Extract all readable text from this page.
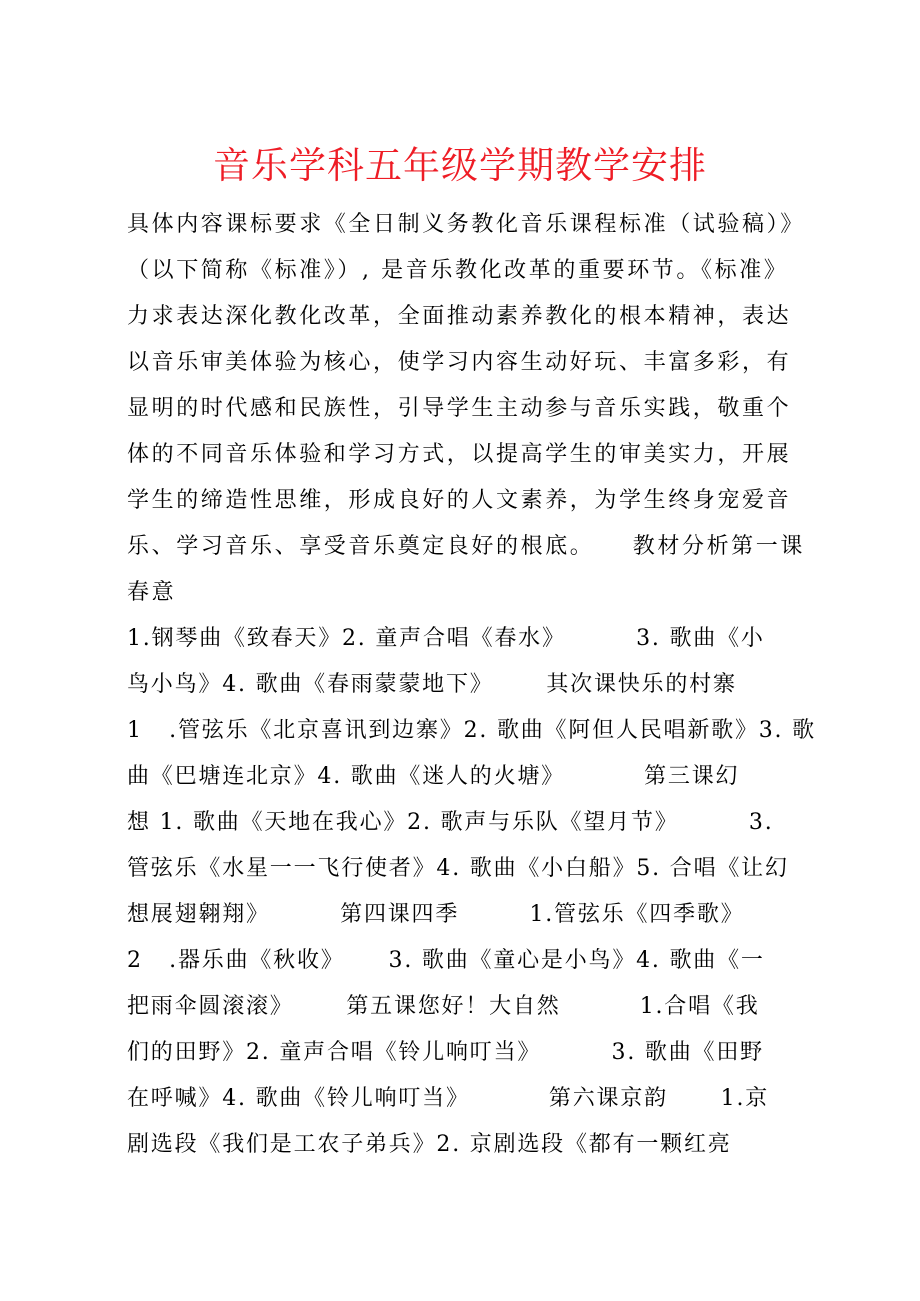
音乐学科五年级学期教学安排
具体内容课标要求《全日制义务教化音乐课程标准（试验稿）》
（以下简称《标准》）, 是音乐教化改革的重要环节。《标准》
力求表达深化教化改革，全面推动素养教化的根本精神，表达
以音乐审美体验为核心，使学习内容生动好玩、丰富多彩，有
显明的时代感和民族性，引导学生主动参与音乐实践，敬重个
体的不同音乐体验和学习方式，以提高学生的审美实力，开展
学生的缔造性思维，形成良好的人文素养，为学生终身宠爱音
乐、学习音乐、享受音乐奠定良好的根底。    教材分析第一课
春意
1.钢琴曲《致春天》2. 童声合唱《春水》        3. 歌曲《小
鸟小鸟》4. 歌曲《春雨蒙蒙地下》      其次课快乐的村寨
1   .管弦乐《北京喜讯到边寨》2. 歌曲《阿但人民唱新歌》3. 歌
曲《巴塘连北京》4. 歌曲《迷人的火塘》         第三课幻
想 1. 歌曲《天地在我心》2. 歌声与乐队《望月节》        3.
管弦乐《水星一一飞行使者》4. 歌曲《小白船》5. 合唱《让幻
想展翅翱翔》        第四课四季        1.管弦乐《四季歌》
2   .器乐曲《秋收》     3. 歌曲《童心是小鸟》4. 歌曲《一
把雨伞圆滚滚》      第五课您好！大自然         1.合唱《我
们的田野》2. 童声合唱《铃儿响叮当》        3. 歌曲《田野
在呼喊》4. 歌曲《铃儿响叮当》         第六课京韵      1.京
剧选段《我们是工农子弟兵》2. 京剧选段《都有一颗红亮
